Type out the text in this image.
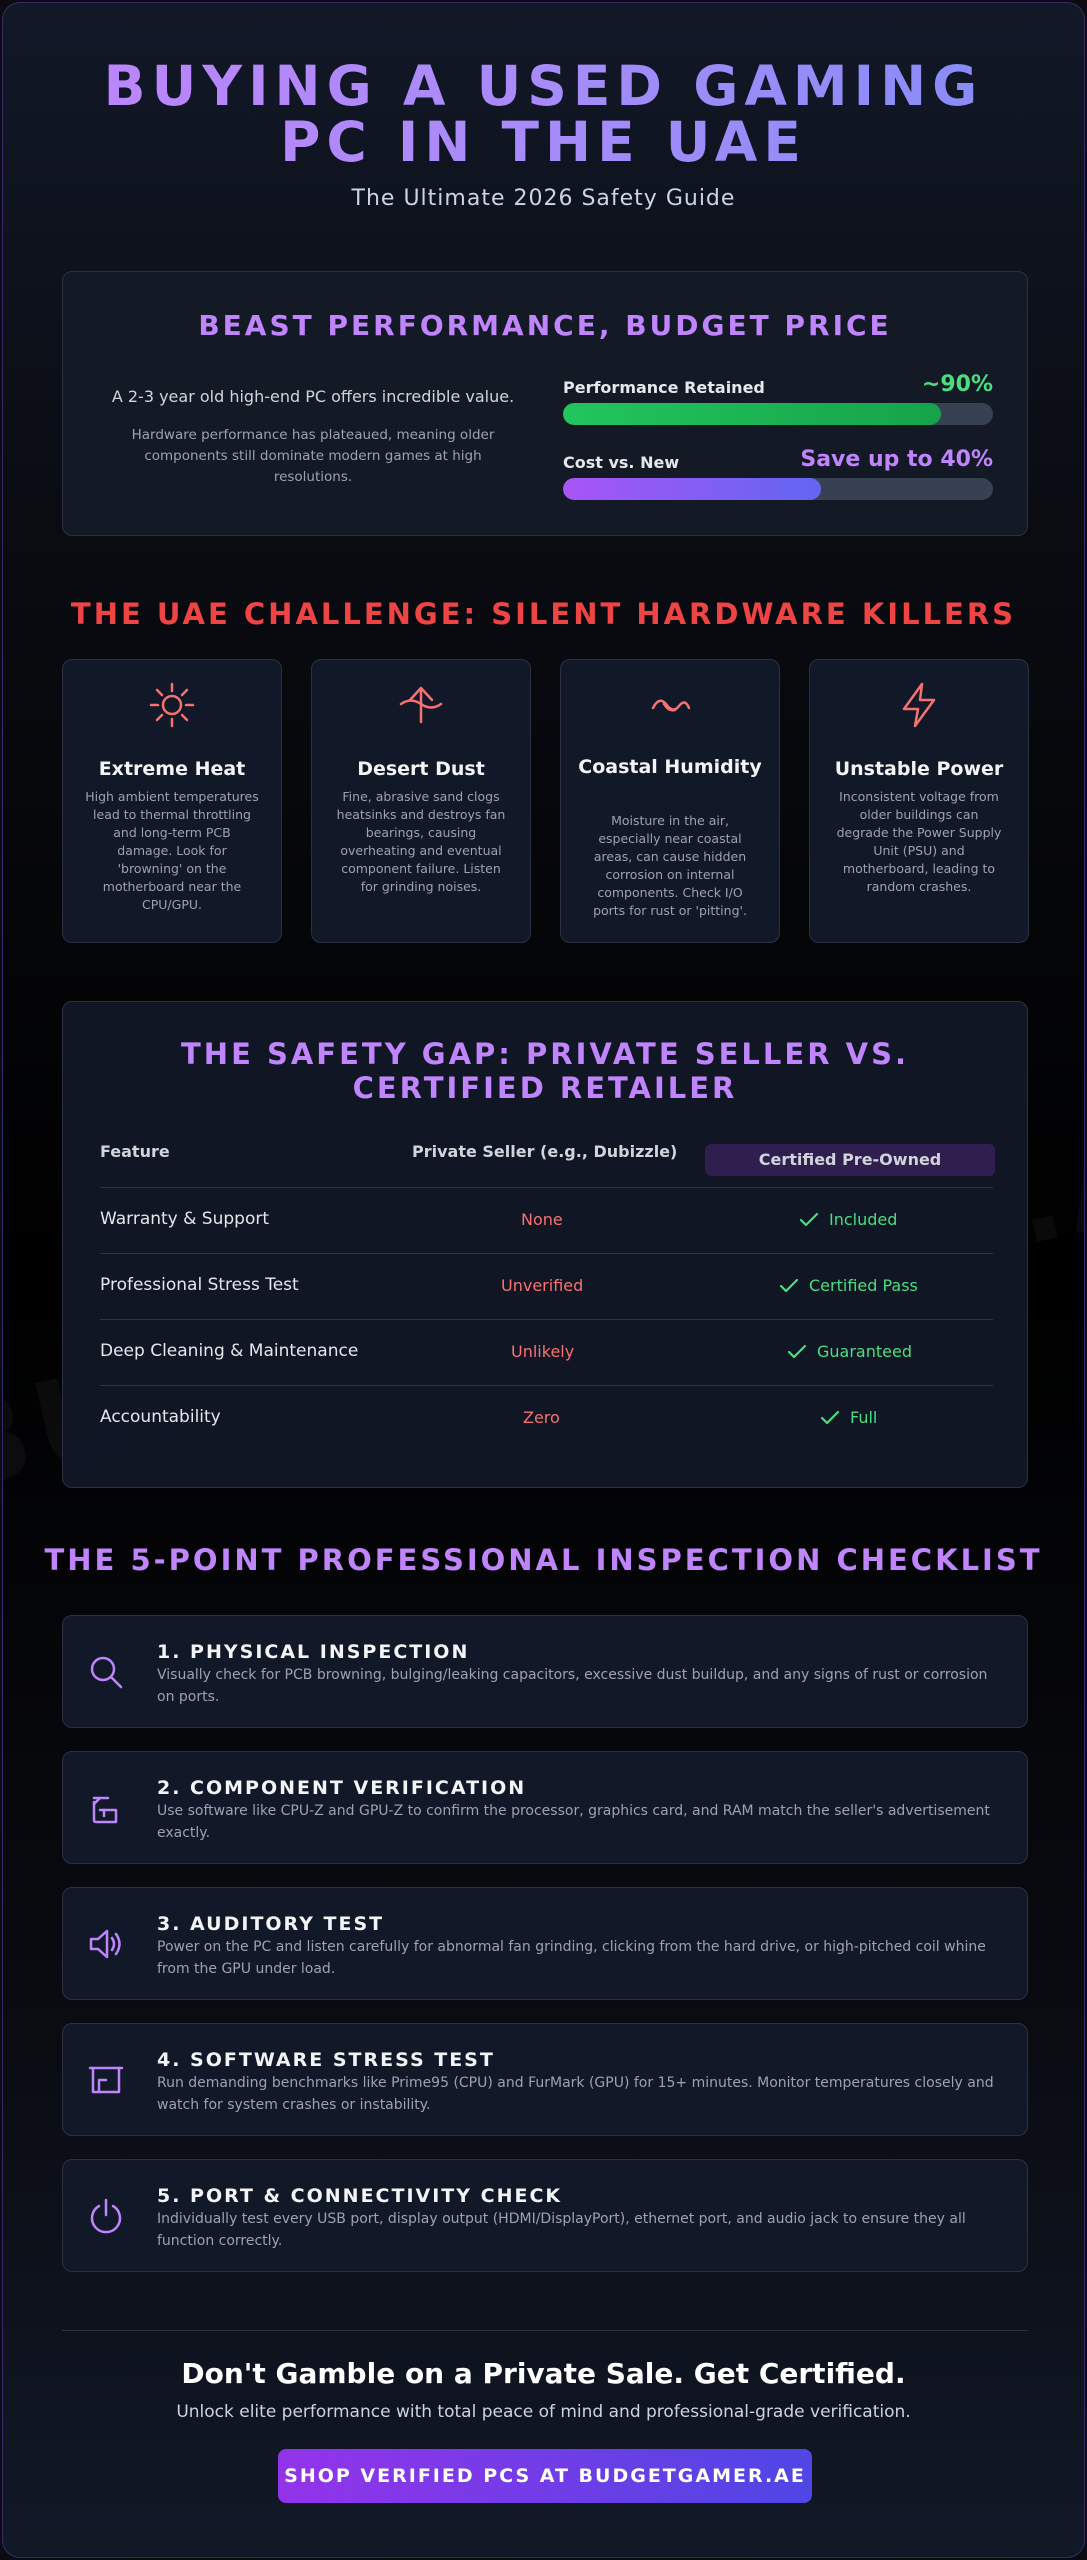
BUYING A USED GAMING PC IN THE UAE
The Ultimate 2026 Safety Guide
BEAST PERFORMANCE, BUDGET PRICE
A 2-3 year old high-end PC offers incredible value.
Hardware performance has plateaued, meaning older components still dominate modern games at high resolutions.
Performance Retained	~90%
Cost vs. New	Save up to 40%
THE UAE CHALLENGE: SILENT HARDWARE KILLERS
Extreme Heat
High ambient temperatures lead to thermal throttling and long-term PCB damage. Look for 'browning' on the motherboard near the CPU/GPU.
Desert Dust
Fine, abrasive sand clogs heatsinks and destroys fan bearings, causing overheating and eventual component failure. Listen for grinding noises.
Coastal Humidity
Moisture in the air, especially near coastal areas, can cause hidden corrosion on internal components. Check I/O ports for rust or 'pitting'.
Unstable Power
Inconsistent voltage from older buildings can degrade the Power Supply Unit (PSU) and motherboard, leading to random crashes.
THE SAFETY GAP: PRIVATE SELLER VS. CERTIFIED RETAILER
Feature	Private Seller (e.g., Dubizzle)	Certified Pre-Owned
Warranty & Support	None	Included
Professional Stress Test	Unverified	Certified Pass
Deep Cleaning & Maintenance	Unlikely	Guaranteed
Accountability	Zero	Full
THE 5-POINT PROFESSIONAL INSPECTION CHECKLIST
1. PHYSICAL INSPECTION
Visually check for PCB browning, bulging/leaking capacitors, excessive dust buildup, and any signs of rust or corrosion on ports.
2. COMPONENT VERIFICATION
Use software like CPU-Z and GPU-Z to confirm the processor, graphics card, and RAM match the seller's advertisement exactly.
3. AUDITORY TEST
Power on the PC and listen carefully for abnormal fan grinding, clicking from the hard drive, or high-pitched coil whine from the GPU under load.
4. SOFTWARE STRESS TEST
Run demanding benchmarks like Prime95 (CPU) and FurMark (GPU) for 15+ minutes. Monitor temperatures closely and watch for system crashes or instability.
5. PORT & CONNECTIVITY CHECK
Individually test every USB port, display output (HDMI/DisplayPort), ethernet port, and audio jack to ensure they all function correctly.
Don't Gamble on a Private Sale. Get Certified.
Unlock elite performance with total peace of mind and professional-grade verification.
SHOP VERIFIED PCS AT BUDGETGAMER.AE
